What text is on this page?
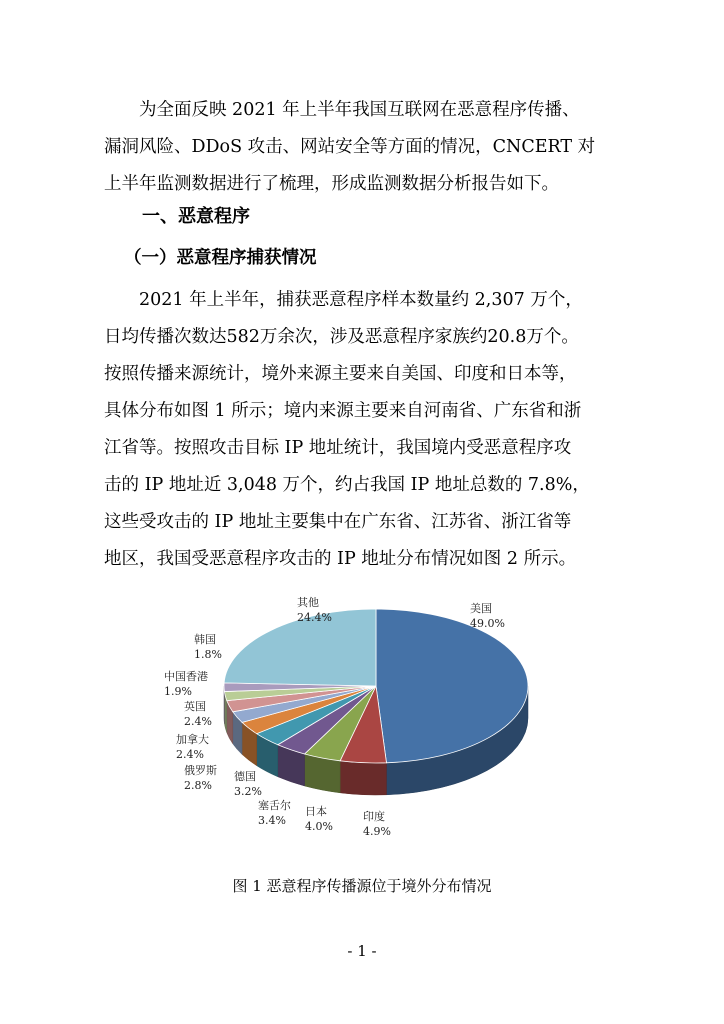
为全面反映 2021 年上半年我国互联网在恶意程序传播、
漏洞风险、DDoS 攻击、网站安全等方面的情况，CNCERT 对
上半年监测数据进行了梳理，形成监测数据分析报告如下。

一、恶意程序
（一）恶意程序捕获情况

2021 年上半年，捕获恶意程序样本数量约 2,307 万个，
日均传播次数达582万余次，涉及恶意程序家族约20.8万个。
按照传播来源统计，境外来源主要来自美国、印度和日本等，
具体分布如图 1 所示；境内来源主要来自河南省、广东省和浙
江省等。按照攻击目标 IP 地址统计，我国境内受恶意程序攻
击的 IP 地址近 3,048 万个，约占我国 IP 地址总数的 7.8%，
这些受攻击的 IP 地址主要集中在广东省、江苏省、浙江省等
地区，我国受恶意程序攻击的 IP 地址分布情况如图 2 所示。

美国
49.0%
印度
4.9%
日本
4.0%
塞舌尔
3.4%
德国
3.2%
俄罗斯
2.8%
加拿大
2.4%
英国
2.4%
中国香港
1.9%
韩国
1.8%
其他
24.4%

图 1 恶意程序传播源位于境外分布情况

- 1 -
